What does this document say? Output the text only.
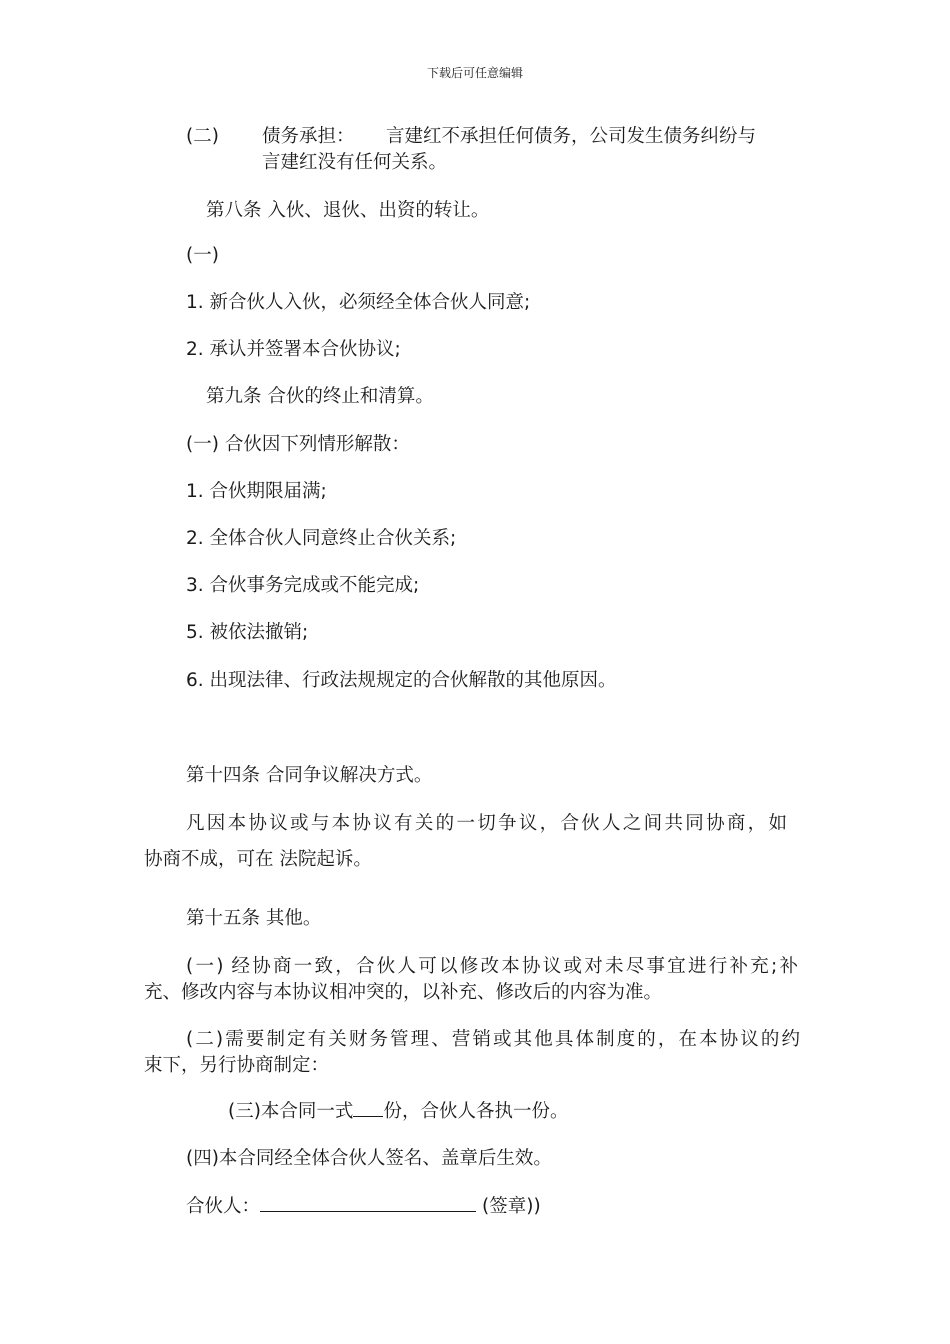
下载后可任意编辑
(二) 债务承担： 言建红不承担任何债务，公司发生债务纠纷与
言建红没有任何关系。
第八条 入伙、退伙、出资的转让。
(一)
1. 新合伙人入伙，必须经全体合伙人同意;
2. 承认并签署本合伙协议;
第九条 合伙的终止和清算。
(一) 合伙因下列情形解散：
1. 合伙期限届满;
2. 全体合伙人同意终止合伙关系;
3. 合伙事务完成或不能完成;
5. 被依法撤销;
6. 出现法律、行政法规规定的合伙解散的其他原因。
第十四条 合同争议解决方式。
凡因本协议或与本协议有关的一切争议，合伙人之间共同协商，如
协商不成，可在 法院起诉。
第十五条 其他。
(一) 经协商一致，合伙人可以修改本协议或对未尽事宜进行补充;补
充、修改内容与本协议相冲突的，以补充、修改后的内容为准。
(二)需要制定有关财务管理、营销或其他具体制度的，在本协议的约
束下，另行协商制定：
(三)本合同一式 份，合伙人各执一份。
(四)本合同经全体合伙人签名、盖章后生效。
合伙人：	(签章))
